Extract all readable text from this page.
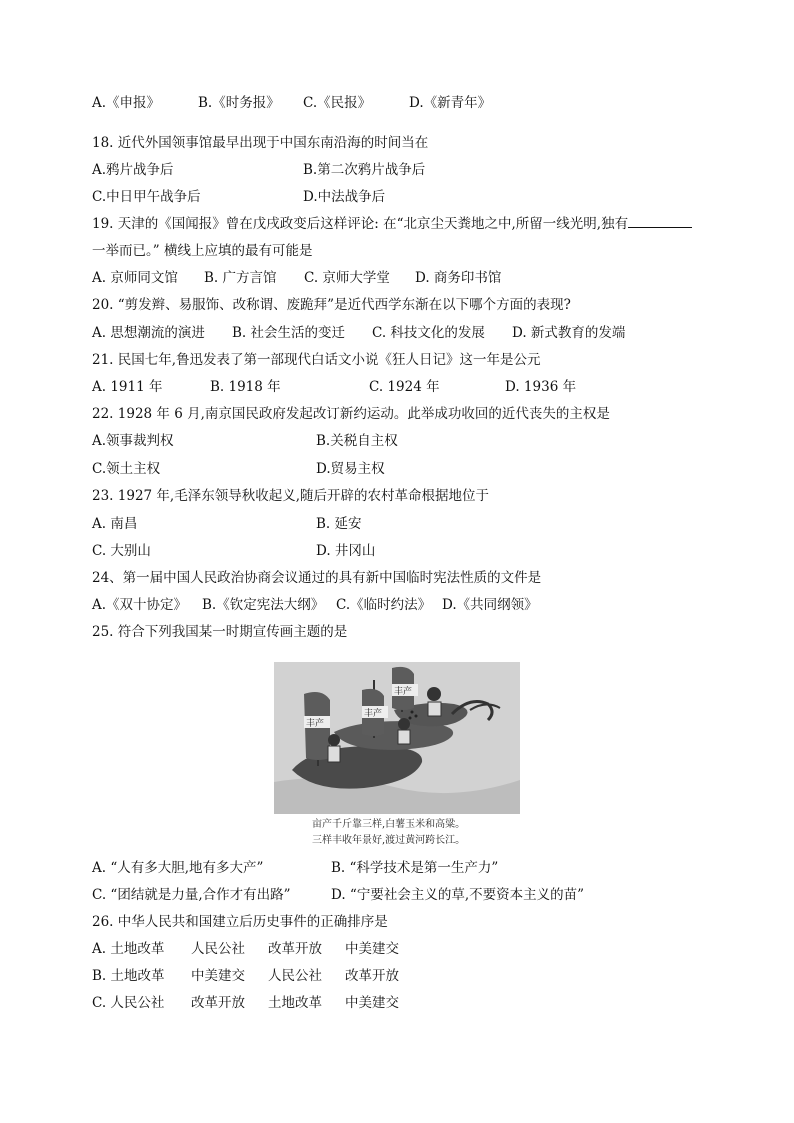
A.《申报》	B.《时务报》 C.《民报》	D.《新青年》
18. 近代外国领事馆最早出现于中国东南沿海的时间当在
A.鸦片战争后	B.第二次鸦片战争后
C.中日甲午战争后	D.中法战争后
19. 天津的《国闻报》曾在戊戌政变后这样评论: 在“北京尘天粪地之中,所留一线光明,独有
一举而已。” 横线上应填的最有可能是
A. 京师同文馆 B. 广方言馆 C. 京师大学堂 D. 商务印书馆
20. “剪发辫、易服饰、改称谓、废跪拜”是近代西学东渐在以下哪个方面的表现?
A. 思想潮流的演进 B. 社会生活的变迁 C. 科技文化的发展 D. 新式教育的发端
21. 民国七年,鲁迅发表了第一部现代白话文小说《狂人日记》这一年是公元
A. 1911 年	B. 1918 年	C. 1924 年	D. 1936 年
22. 1928 年 6 月,南京国民政府发起改订新约运动。此举成功收回的近代丧失的主权是
A.领事裁判权	B.关税自主权
C.领土主权	D.贸易主权
23. 1927 年,毛泽东领导秋收起义,随后开辟的农村革命根据地位于
A. 南昌	B. 延安
C. 大别山	D. 井冈山
24、第一届中国人民政治协商会议通过的具有新中国临时宪法性质的文件是
A.《双十协定》 B.《钦定宪法大纲》 C.《临时约法》 D.《共同纲领》
25. 符合下列我国某一时期宣传画主题的是
丰产
丰产
丰产
亩产千斤靠三样,白薯玉米和高粱。
三样丰收年景好,渡过黄河跨长江。
A. “人有多大胆,地有多大产”	B. “科学技术是第一生产力”
C. “团结就是力量,合作才有出路”	D. “宁要社会主义的草,不要资本主义的苗”
26. 中华人民共和国建立后历史事件的正确排序是
A. 土地改革 人民公社 改革开放 中美建交
B. 土地改革 中美建交 人民公社 改革开放
C. 人民公社 改革开放 土地改革 中美建交
